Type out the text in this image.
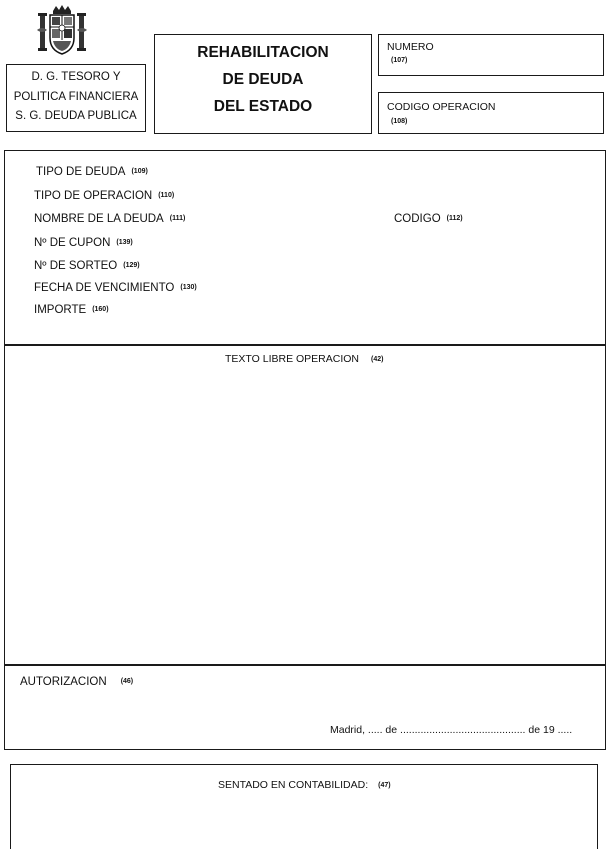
D. G. TESORO Y
POLITICA FINANCIERA
S. G. DEUDA PUBLICA
REHABILITACION
DE DEUDA
DEL ESTADO
NUMERO
(107)
CODIGO OPERACION
(108)
TIPO DE DEUDA (109)
TIPO DE OPERACION (110)
NOMBRE DE LA DEUDA (111)	CODIGO (112)
Nº DE CUPON (139)
Nº DE SORTEO (129)
FECHA DE VENCIMIENTO (130)
IMPORTE (160)
TEXTO LIBRE OPERACION (42)
AUTORIZACION (46)
Madrid, ..... de ........................................... de 19 .....
SENTADO EN CONTABILIDAD: (47)
